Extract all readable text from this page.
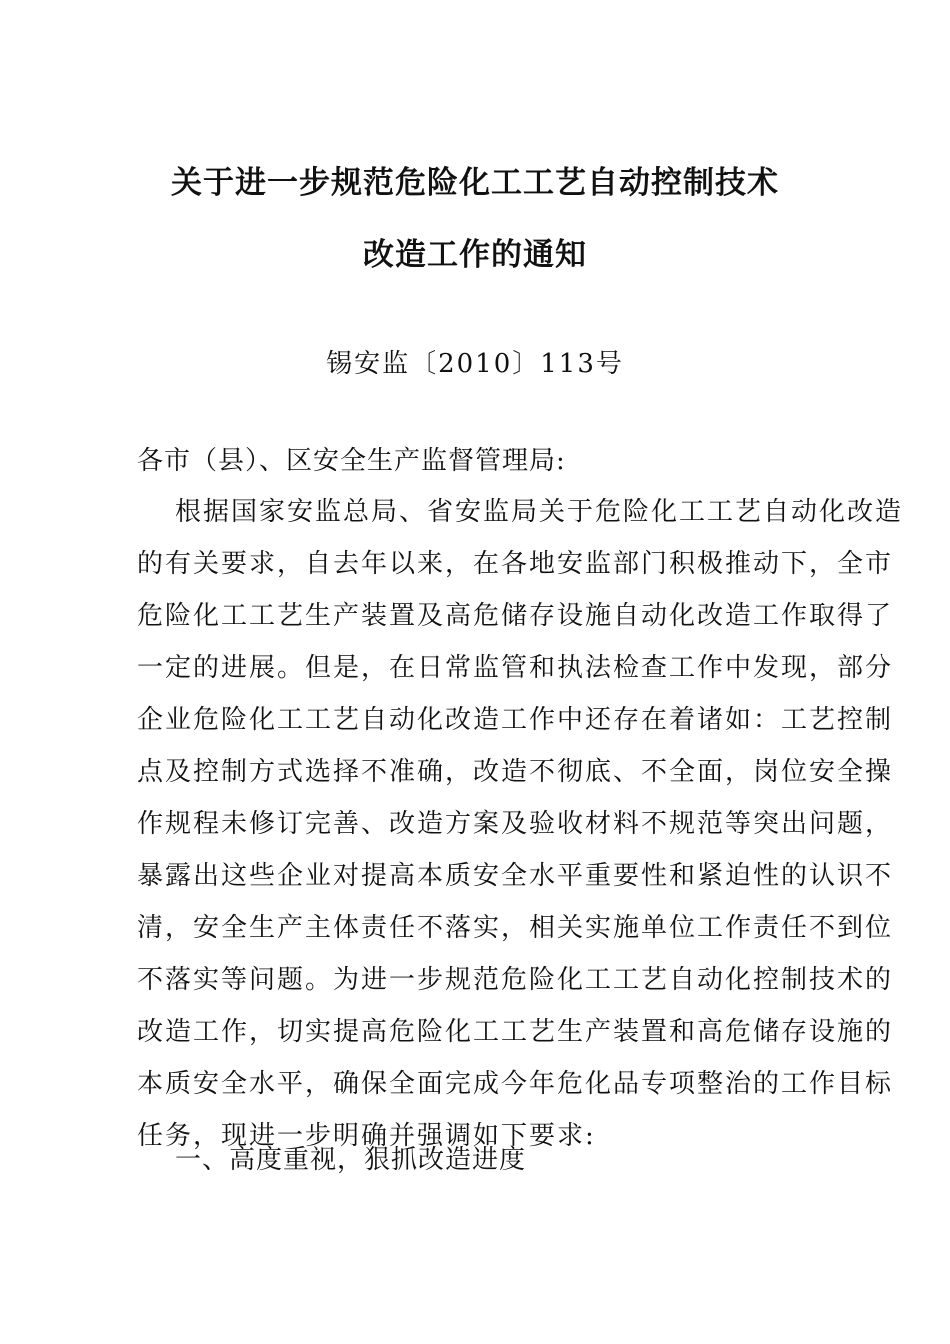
关于进一步规范危险化工工艺自动控制技术
改造工作的通知
锡安监〔2010〕113号
各市（县）、区安全生产监督管理局:
根据国家安监总局、省安监局关于危险化工工艺自动化改造
的有关要求，自去年以来，在各地安监部门积极推动下，全市
危险化工工艺生产装置及高危储存设施自动化改造工作取得了
一定的进展。但是，在日常监管和执法检查工作中发现，部分
企业危险化工工艺自动化改造工作中还存在着诸如：工艺控制
点及控制方式选择不准确，改造不彻底、不全面，岗位安全操
作规程未修订完善、改造方案及验收材料不规范等突出问题，
暴露出这些企业对提高本质安全水平重要性和紧迫性的认识不
清，安全生产主体责任不落实，相关实施单位工作责任不到位
不落实等问题。为进一步规范危险化工工艺自动化控制技术的
改造工作，切实提高危险化工工艺生产装置和高危储存设施的
本质安全水平，确保全面完成今年危化品专项整治的工作目标
任务，现进一步明确并强调如下要求:
一、高度重视，狠抓改造进度
